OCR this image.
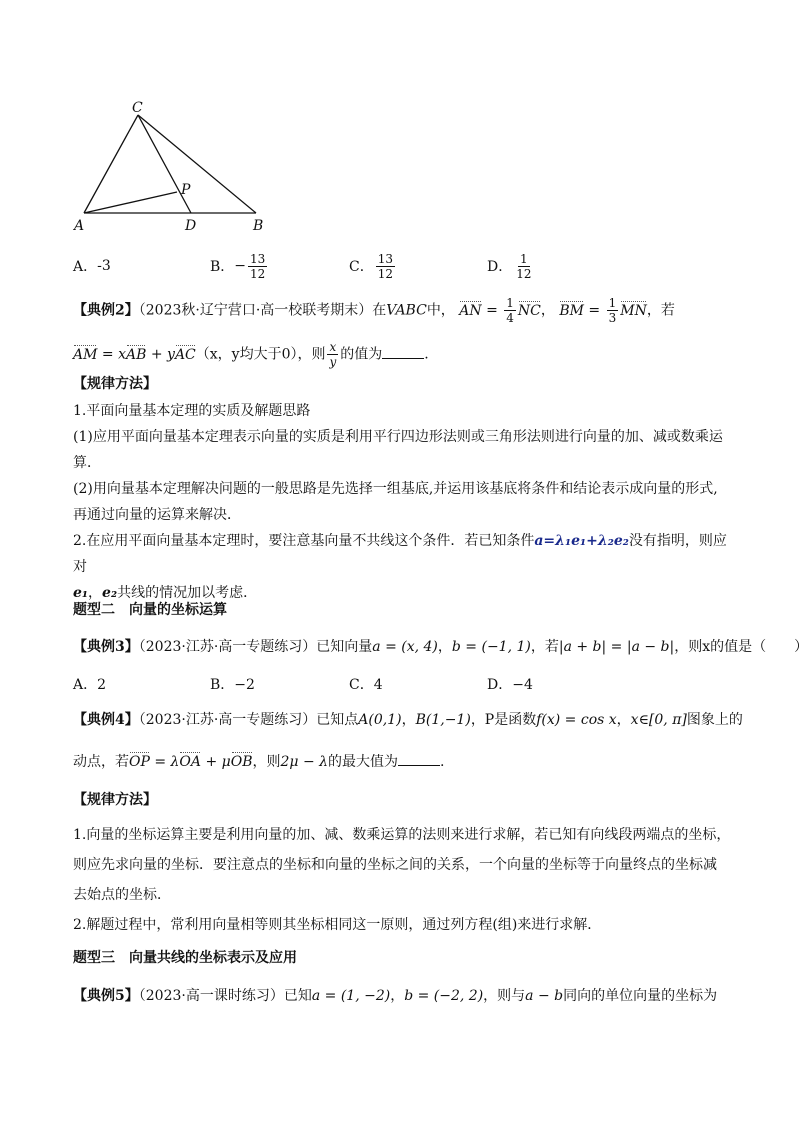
C
P
A	D	B
A． -3	B． − $\frac{13}{12}$	C． $\frac{13}{12}$	D． $\frac{1}{12}$
【典例2】（2023秋·辽宁营口·高一校联考期末）在VABC中， AN = $\frac{1}{4}$ NC， BM = $\frac{1}{3}$ MN，若
AM = xAB + yAC（x，y均大于0），则 $\frac{x}{y}$ 的值为	.
【规律方法】
1.平面向量基本定理的实质及解题思路
(1)应用平面向量基本定理表示向量的实质是利用平行四边形法则或三角形法则进行向量的加、减或数乘运
算．
(2)用向量基本定理解决问题的一般思路是先选择一组基底,并运用该基底将条件和结论表示成向量的形式,
再通过向量的运算来解决．
2.在应用平面向量基本定理时，要注意基向量不共线这个条件．若已知条件a=λ₁e₁+λ₂e₂没有指明，则应对
e₁，e₂共线的情况加以考虑．
题型二　向量的坐标运算
【典例3】（2023·江苏·高一专题练习）已知向量a = (x, 4)，b = (−1, 1)，若|a + b| = |a − b|，则x的值是（　　）
A．2	B．−2	C．4	D．−4
【典例4】（2023·江苏·高一专题练习）已知点A(0,1)，B(1,−1)，P是函数f(x) = cos x，x∈[0, π]图象上的
动点，若OP = λOA + μOB，则2μ − λ的最大值为	.
【规律方法】
1.向量的坐标运算主要是利用向量的加、减、数乘运算的法则来进行求解，若已知有向线段两端点的坐标，
则应先求向量的坐标．要注意点的坐标和向量的坐标之间的关系，一个向量的坐标等于向量终点的坐标减
去始点的坐标．
2.解题过程中，常利用向量相等则其坐标相同这一原则，通过列方程(组)来进行求解．
题型三　向量共线的坐标表示及应用
【典例5】（2023·高一课时练习）已知a = (1, −2)，b = (−2, 2)，则与a − b同向的单位向量的坐标为
